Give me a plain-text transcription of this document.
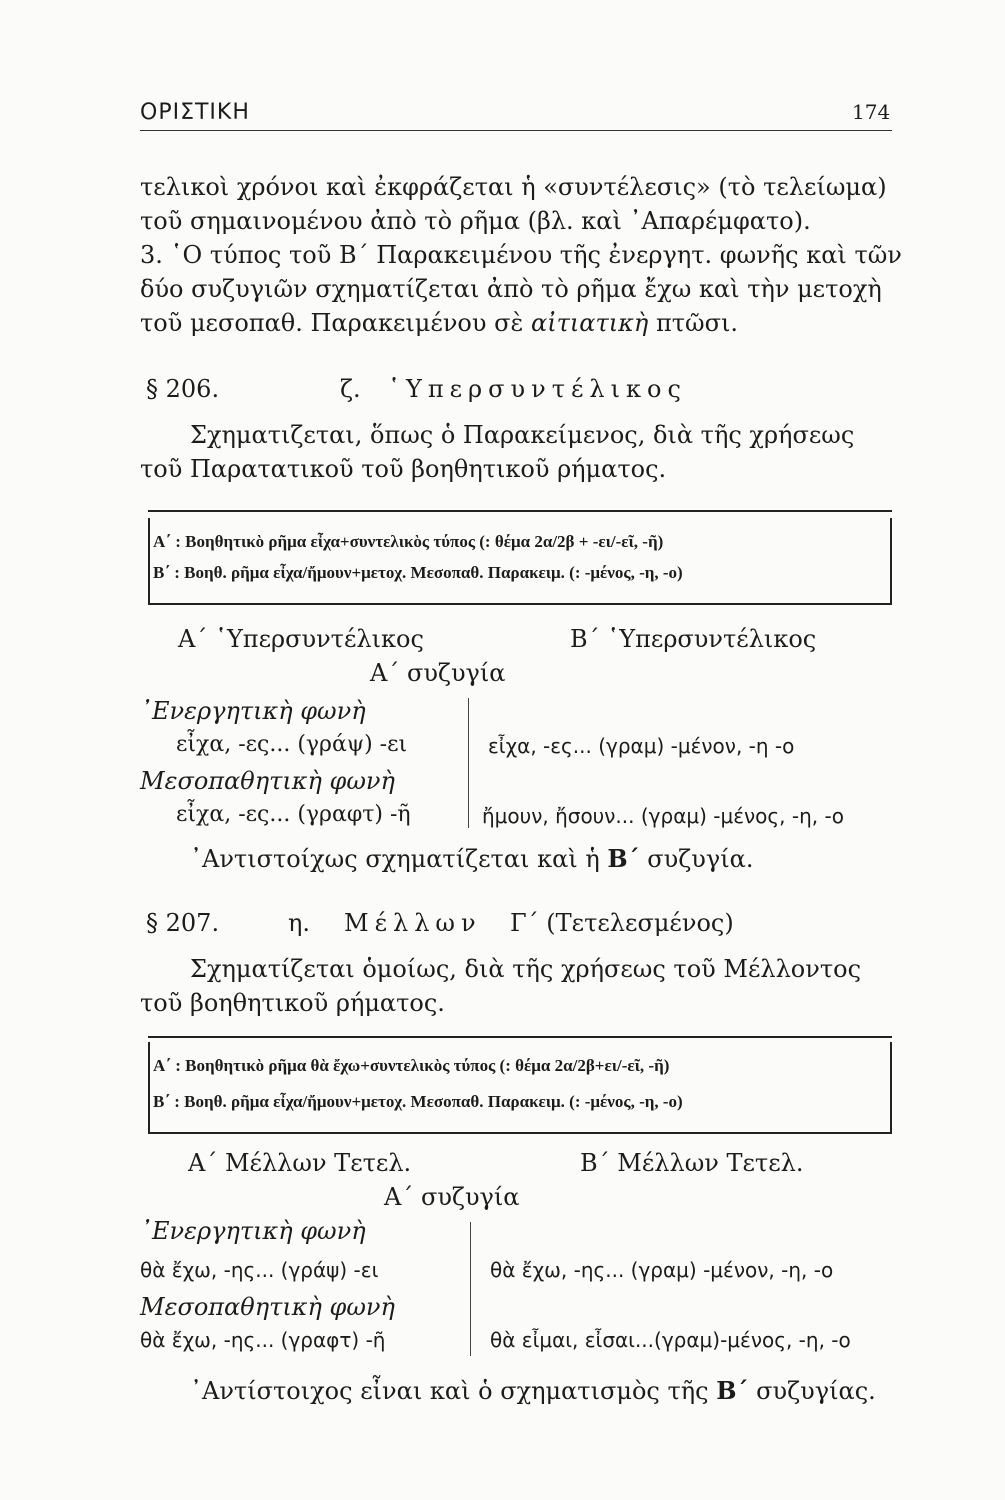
ΟΡΙΣΤΙΚΗ	174
τελικοὶ χρόνοι καὶ ἐκφράζεται ἡ «συντέλεσις» (τὸ τελείωμα)
τοῦ σημαινομένου ἀπὸ τὸ ρῆμα (βλ. καὶ ᾿Απαρέμφατο).
3. ῾Ο τύπος τοῦ Β΄ Παρακειμένου τῆς ἐνεργητ. φωνῆς καὶ τῶν
δύο συζυγιῶν σχηματίζεται ἀπὸ τὸ ρῆμα ἔχω καὶ τὴν μετοχὴ
τοῦ μεσοπαθ. Παρακειμένου σὲ αἰτιατικὴ πτῶσι.
§ 206.	ζ. ῾Υπερσυντέλικος
Σχηματιζεται, ὅπως ὁ Παρακείμενος, διὰ τῆς χρήσεως
τοῦ Παρατατικοῦ τοῦ βοηθητικοῦ ρήματος.
Α΄ : Βοηθητικὸ ρῆμα εἶχα+συντελικὸς τύπος (: θέμα 2α/2β + -ει/-εῖ, -ῆ)
Β΄ : Βοηθ. ρῆμα εἶχα/ἤμουν+μετοχ. Μεσοπαθ. Παρακειμ. (: -μένος, -η, -ο)
Α΄ ῾Υπερσυντέλικος	Β΄ ῾Υπερσυντέλικος
Α΄ συζυγία
᾿Ενεργητικὴ φωνὴ
εἶχα, -ες... (γράψ) -ει	εἶχα, -ες... (γραμ) -μένον, -η -ο
Μεσοπαθητικὴ φωνὴ
εἶχα, -ες... (γραφτ) -ῆ	ἤμουν, ἤσουν... (γραμ) -μένος, -η, -ο
᾿Αντιστοίχως σχηματίζεται καὶ ἡ Β΄ συζυγία.
§ 207.	η. Μέλλων Γ΄ (Τετελεσμένος)
Σχηματίζεται ὁμοίως, διὰ τῆς χρήσεως τοῦ Μέλλοντος
τοῦ βοηθητικοῦ ρήματος.
Α΄ : Βοηθητικὸ ρῆμα θὰ ἔχω+συντελικὸς τύπος (: θέμα 2α/2β+ει/-εῖ, -ῆ)
Β΄ : Βοηθ. ρῆμα εἶχα/ἤμουν+μετοχ. Μεσοπαθ. Παρακειμ. (: -μένος, -η, -ο)
Α΄ Μέλλων Τετελ.	Β΄ Μέλλων Τετελ.
Α΄ συζυγία
᾿Ενεργητικὴ φωνὴ
θὰ ἔχω, -ης... (γράψ) -ει	θὰ ἔχω, -ης... (γραμ) -μένον, -η, -ο
Μεσοπαθητικὴ φωνὴ
θὰ ἔχω, -ης... (γραφτ) -ῆ	θὰ εἶμαι, εἶσαι...(γραμ)-μένος, -η, -ο
᾿Αντίστοιχος εἶναι καὶ ὁ σχηματισμὸς τῆς Β΄ συζυγίας.
